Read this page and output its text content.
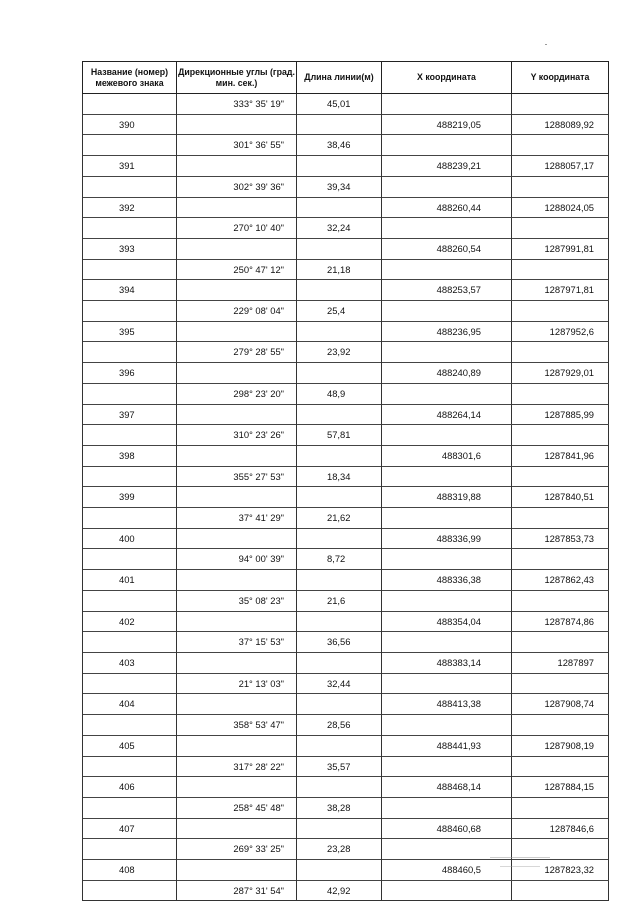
Название (номер) межевого знака	Дирекционные углы (град. мин. сек.)	Длина линии(м)	X координата	Y координата
	333° 35' 19"	45,01		
390			488219,05	1288089,92
	301° 36' 55"	38,46		
391			488239,21	1288057,17
	302° 39' 36"	39,34		
392			488260,44	1288024,05
	270° 10' 40"	32,24		
393			488260,54	1287991,81
	250° 47' 12"	21,18		
394			488253,57	1287971,81
	229° 08' 04"	25,4		
395			488236,95	1287952,6
	279° 28' 55"	23,92		
396			488240,89	1287929,01
	298° 23' 20"	48,9		
397			488264,14	1287885,99
	310° 23' 26"	57,81		
398			488301,6	1287841,96
	355° 27' 53"	18,34		
399			488319,88	1287840,51
	37° 41' 29"	21,62		
400			488336,99	1287853,73
	94° 00' 39"	8,72		
401			488336,38	1287862,43
	35° 08' 23"	21,6		
402			488354,04	1287874,86
	37° 15' 53"	36,56		
403			488383,14	1287897
	21° 13' 03"	32,44		
404			488413,38	1287908,74
	358° 53' 47"	28,56		
405			488441,93	1287908,19
	317° 28' 22"	35,57		
406			488468,14	1287884,15
	258° 45' 48"	38,28		
407			488460,68	1287846,6
	269° 33' 25"	23,28		
408			488460,5	1287823,32
	287° 31' 54"	42,92		
